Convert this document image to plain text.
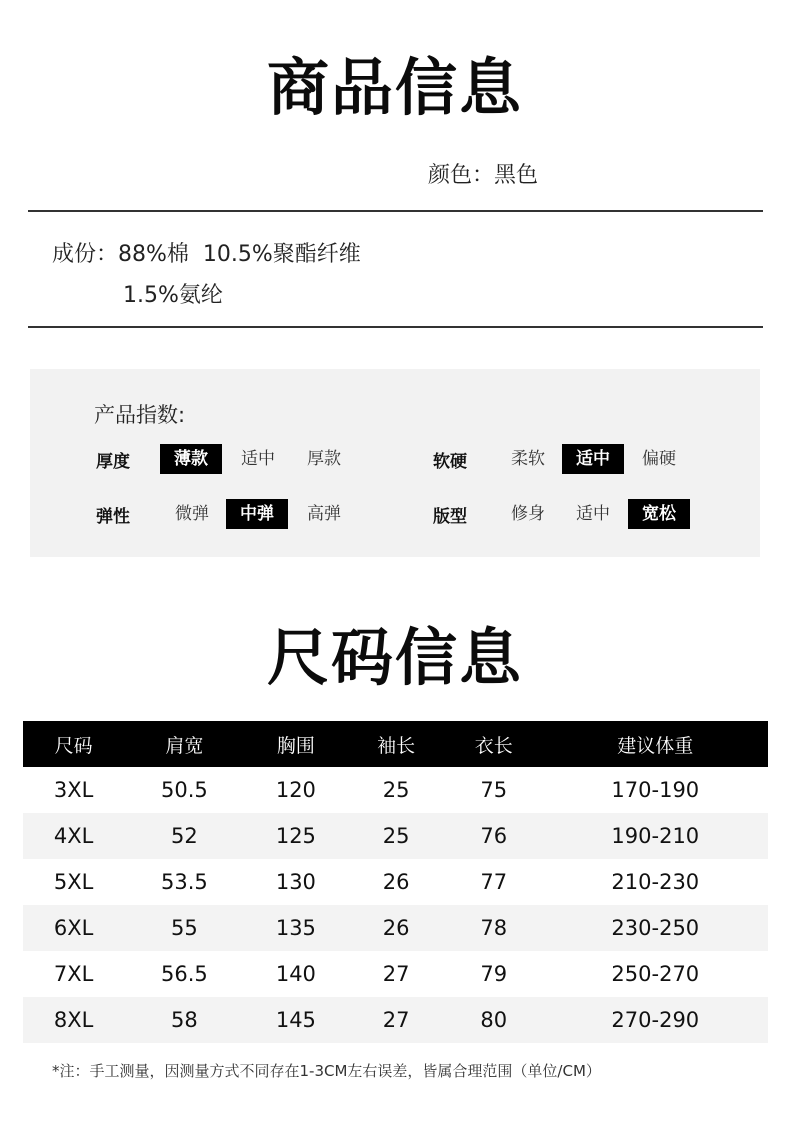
商品信息
颜色：黑色
成份：88%棉  10.5%聚酯纤维
1.5%氨纶
产品指数:
厚度	薄款	适中	厚款	软硬	柔软	适中	偏硬
弹性	微弹	中弹	高弹	版型	修身	适中	宽松
尺码信息
尺码	肩宽	胸围	袖长	衣长	建议体重
3XL	50.5	120	25	75	170-190
4XL	52	125	25	76	190-210
5XL	53.5	130	26	77	210-230
6XL	55	135	26	78	230-250
7XL	56.5	140	27	79	250-270
8XL	58	145	27	80	270-290
*注：手工测量，因测量方式不同存在1-3CM左右误差，皆属合理范围（单位/CM）
